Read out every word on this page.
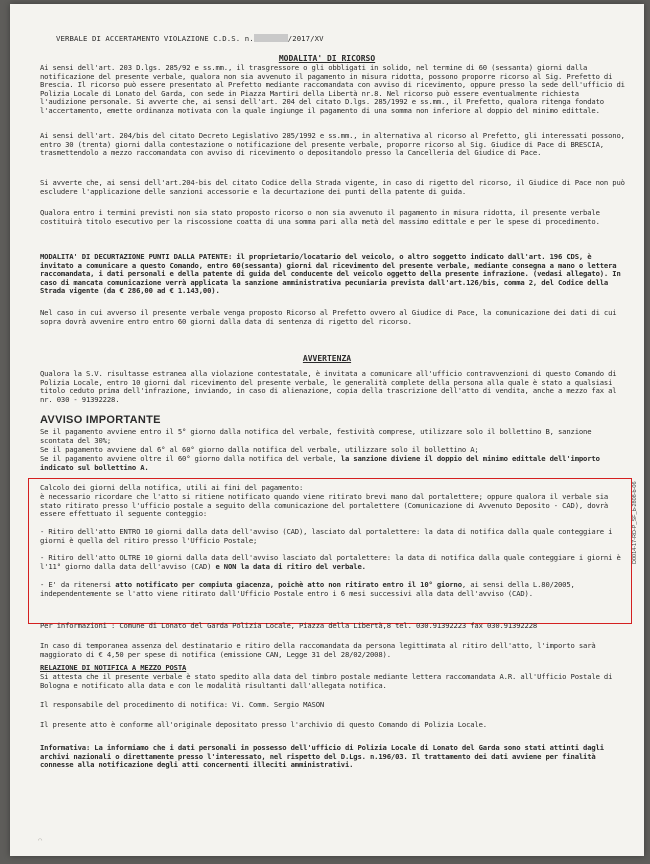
VERBALE DI ACCERTAMENTO VIOLAZIONE C.D.S. n.	/2017/XV
MODALITA' DI RICORSO

Ai sensi dell'art. 203 D.lgs. 285/92 e ss.mm., il trasgressore o gli obbligati in solido, nel termine di 60 (sessanta) giorni dalla notificazione del presente verbale, qualora non sia avvenuto il pagamento in misura ridotta, possono proporre ricorso al Sig. Prefetto di Brescia. Il ricorso può essere presentato al Prefetto mediante raccomandata con avviso di ricevimento, oppure presso la sede dell'ufficio di Polizia Locale di Lonato del Garda, con sede in Piazza Martiri della Libertà nr.8. Nel ricorso può essere eventualmente richiesta l'audizione personale. Si avverte che, ai sensi dell'art. 204 del citato D.lgs. 285/1992 e ss.mm., il Prefetto, qualora ritenga fondato l'accertamento, emette ordinanza motivata con la quale ingiunge il pagamento di una somma non inferiore al doppio del minimo edittale.

Ai sensi dell'art. 204/bis del citato Decreto Legislativo 285/1992 e ss.mm., in alternativa al ricorso al Prefetto, gli interessati possono, entro 30 (trenta) giorni dalla contestazione o notificazione del presente verbale, proporre ricorso al Sig. Giudice di Pace di BRESCIA, trasmettendolo a mezzo raccomandata con avviso di ricevimento o depositandolo presso la Cancelleria del Giudice di Pace.

Si avverte che, ai sensi dell'art.204-bis del citato Codice della Strada vigente, in caso di rigetto del ricorso, il Giudice di Pace non può escludere l'applicazione delle sanzioni accessorie e la decurtazione dei punti della patente di guida.

Qualora entro i termini previsti non sia stato proposto ricorso o non sia avvenuto il pagamento in misura ridotta, il presente verbale costituirà titolo esecutivo per la riscossione coatta di una somma pari alla metà del massimo edittale e per le spese di procedimento.

MODALITA' DI DECURTAZIONE PUNTI DALLA PATENTE: il proprietario/locatario del veicolo, o altro soggetto indicato dall'art. 196 CDS, è invitato a comunicare a questo Comando, entro 60(sessanta) giorni dal ricevimento del presente verbale, mediante consegna a mano o lettera raccomandata, i dati personali e della patente di guida del conducente del veicolo oggetto della presente infrazione. (vedasi allegato). In caso di mancata comunicazione verrà applicata la sanzione amministrativa pecuniaria prevista dall'art.126/bis, comma 2, del Codice della Strada vigente (da € 286,00 ad € 1.143,00).

Nel caso in cui avverso il presente verbale venga proposto Ricorso al Prefetto ovvero al Giudice di Pace, la comunicazione dei dati di cui sopra dovrà avvenire entro entro 60 giorni dalla data di sentenza di rigetto del ricorso.

AVVERTENZA

Qualora la S.V. risultasse estranea alla violazione contestatale, è invitata a comunicare all'ufficio contravvenzioni di questo Comando di Polizia Locale, entro 10 giorni dal ricevimento del presente verbale, le generalità complete della persona alla quale è stato a qualsiasi titolo ceduto prima dell'infrazione, inviando, in caso di alienazione, copia della trascrizione dell'atto di vendita, anche a mezzo fax al nr. 030 - 91392228.

AVVISO IMPORTANTE

Se il pagamento avviene entro il 5° giorno dalla notifica del verbale, festività comprese, utilizzare solo il bollettino B, sanzione scontata del 30%;

Se il pagamento avviene dal 6° al 60° giorno dalla notifica del verbale, utilizzare solo il bollettino A;

Se il pagamento avviene oltre il 60° giorno dalla notifica del verbale, la sanzione diviene il doppio del minimo edittale dell'importo indicato sul bollettino A.

Calcolo dei giorni della notifica, utili ai fini del pagamento:

è necessario ricordare che l'atto si ritiene notificato quando viene ritirato brevi mano dal portalettere; oppure qualora il verbale sia stato ritirato presso l'ufficio postale a seguito della comunicazione del portalettere (Comunicazione di Avvenuto Deposito - CAD), dovrà essere effettuato il seguente conteggio:

- Ritiro dell'atto ENTRO 10 giorni dalla data dell'avviso (CAD), lasciato dal portalettere: la data di notifica dalla quale conteggiare i giorni è quella del ritiro presso l'Ufficio Postale;

- Ritiro dell'atto OLTRE 10 giorni dalla data dell'avviso lasciato dal portalettere: la data di notifica dalla quale conteggiare i giorni è l'11° giorno dalla data dell'avviso (CAD) e NON la data di ritiro del verbale.

- E' da ritenersi atto notificato per compiuta giacenza, poichè atto non ritirato entro il 10° giorno, ai sensi della L.80/2005, independentemente se l'atto viene ritirato dall'Ufficio Postale entro i 6 mesi successivi alla data dell'avviso (CAD).

D0014-17-RD-P_SF_b-2808-b-06

Per informazioni : Comune di Lonato del Garda Polizia Locale, Piazza della Libertà,8 tel. 030.91392223 fax 030.91392228

In caso di temporanea assenza del destinatario e ritiro della raccomandata da persona legittimata al ritiro dell'atto, l'importo sarà maggiorato di € 4,50 per spese di notifica (emissione CAN, Legge 31 del 28/02/2008).

RELAZIONE DI NOTIFICA A MEZZO POSTA

Si attesta che il presente verbale è stato spedito alla data del timbro postale mediante lettera raccomandata A.R. all'Ufficio Postale di Bologna e notificato alla data e con le modalità risultanti dall'allegata notifica.

Il responsabile del procedimento di notifica: Vi. Comm. Sergio MASON

Il presente atto è conforme all'originale depositato presso l'archivio di questo Comando di Polizia Locale.

Informativa: La informiamo che i dati personali in possesso dell'ufficio di Polizia Locale di Lonato del Garda sono stati attinti dagli archivi nazionali o direttamente presso l'interessato, nel rispetto del D.Lgs. n.196/03. Il trattamento dei dati avviene per finalità connesse alla notificazione degli atti concernenti illeciti amministrativi.

⌒
